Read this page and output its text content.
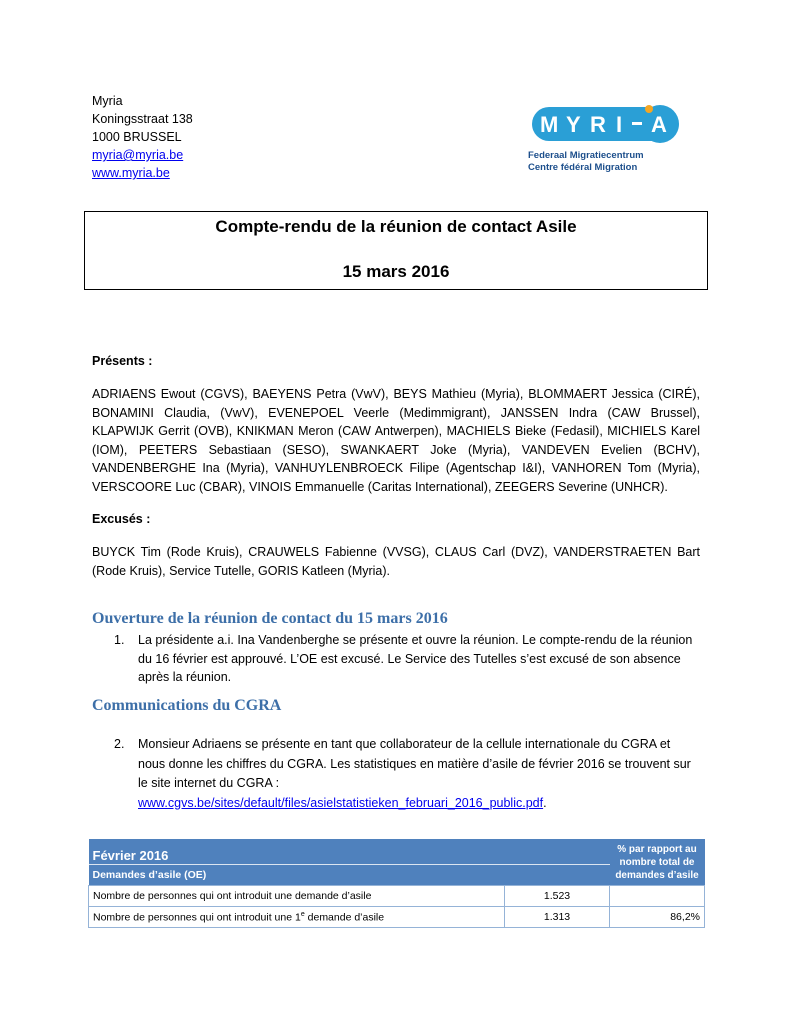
Myria
Koningsstraat 138
1000 BRUSSEL
myria@myria.be
www.myria.be
M Y R I A
Federaal Migratiecentrum
Centre fédéral Migration
Compte-rendu de la réunion de contact Asile
15 mars 2016
Présents :
ADRIAENS Ewout (CGVS), BAEYENS Petra (VwV), BEYS Mathieu (Myria), BLOMMAERT Jessica (CIRÉ), BONAMINI Claudia, (VwV), EVENEPOEL Veerle (Medimmigrant), JANSSEN Indra (CAW Brussel), KLAPWIJK Gerrit (OVB), KNIKMAN Meron (CAW Antwerpen), MACHIELS Bieke (Fedasil), MICHIELS Karel (IOM), PEETERS Sebastiaan (SESO), SWANKAERT Joke (Myria), VANDEVEN Evelien (BCHV), VANDENBERGHE Ina (Myria), VANHUYLENBROECK Filipe (Agentschap I&I), VANHOREN Tom (Myria), VERSCOORE Luc (CBAR), VINOIS Emmanuelle (Caritas International), ZEEGERS Severine (UNHCR).
Excusés :
BUYCK Tim (Rode Kruis), CRAUWELS Fabienne (VVSG), CLAUS Carl (DVZ), VANDERSTRAETEN Bart (Rode Kruis), Service Tutelle, GORIS Katleen (Myria).
Ouverture de la réunion de contact du 15 mars 2016
1. La présidente a.i. Ina Vandenberghe se présente et ouvre la réunion. Le compte-rendu de la réunion du 16 février est approuvé. L’OE est excusé. Le Service des Tutelles s’est excusé de son absence après la réunion.
Communications du CGRA
2. Monsieur Adriaens se présente en tant que collaborateur de la cellule internationale du CGRA et nous donne les chiffres du CGRA. Les statistiques en matière d’asile de février 2016 se trouvent sur le site internet du CGRA :
www.cgvs.be/sites/default/files/asielstatistieken_februari_2016_public.pdf.
Février 2016		% par rapport au nombre total de demandes d’asile
Demandes d’asile (OE)		
Nombre de personnes qui ont introduit une demande d’asile	1.523	
Nombre de personnes qui ont introduit une 1e demande d’asile	1.313	86,2%
